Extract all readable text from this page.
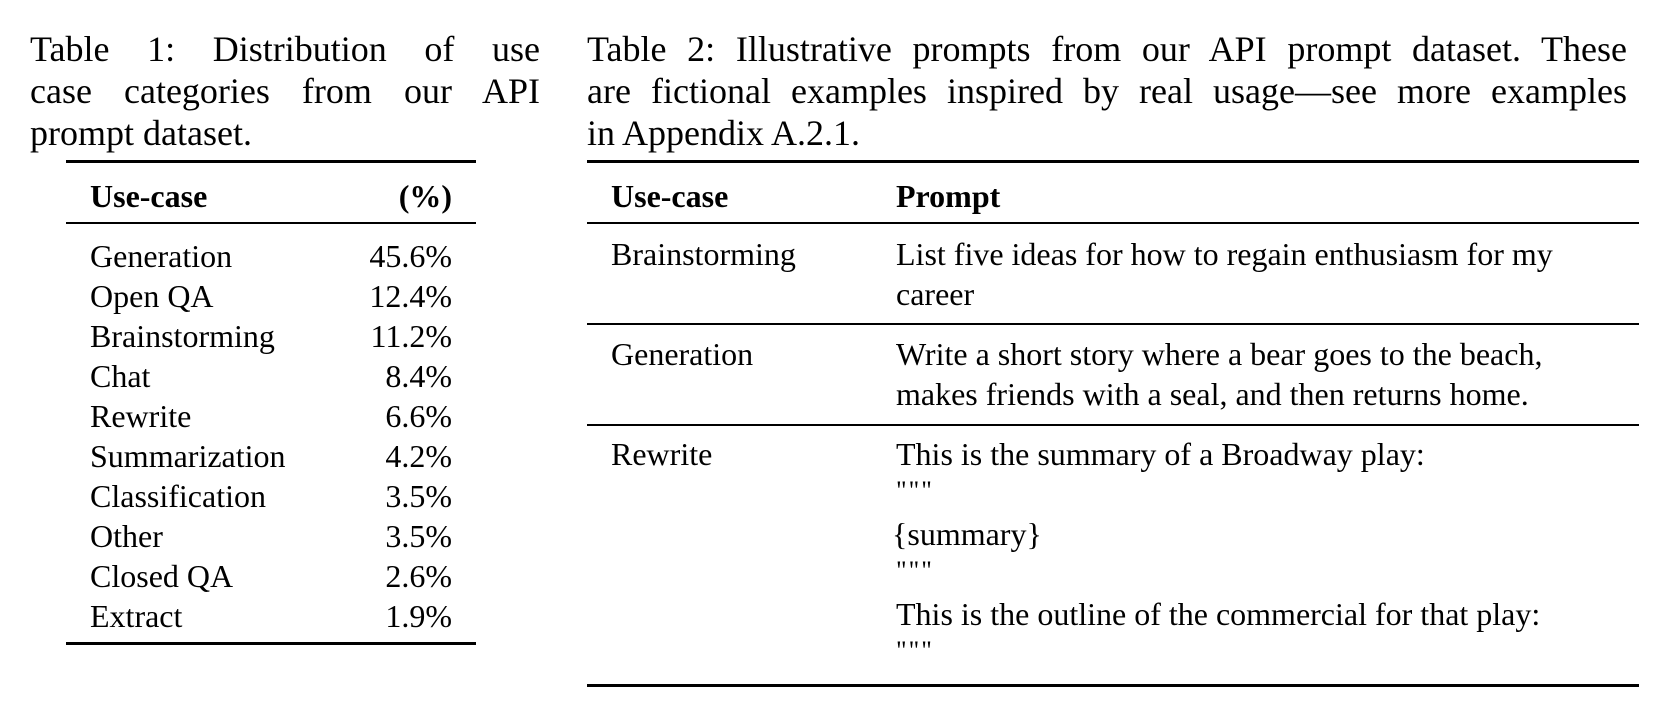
Table 1: Distribution of use
case categories from our API
prompt dataset.

Table 2: Illustrative prompts from our API prompt dataset. These
are fictional examples inspired by real usage—see more examples
in Appendix A.2.1.

Use-case	(%)
Generation	45.6%
Open QA	12.4%
Brainstorming	11.2%
Chat	8.4%
Rewrite	6.6%
Summarization	4.2%
Classification	3.5%
Other	3.5%
Closed QA	2.6%
Extract	1.9%
Use-case	Prompt
Brainstorming	List five ideas for how to regain enthusiasm for my
career
Generation	Write a short story where a bear goes to the beach,
makes friends with a seal, and then returns home.
Rewrite	This is the summary of a Broadway play:
"""
{summary}
"""
This is the outline of the commercial for that play:
"""
